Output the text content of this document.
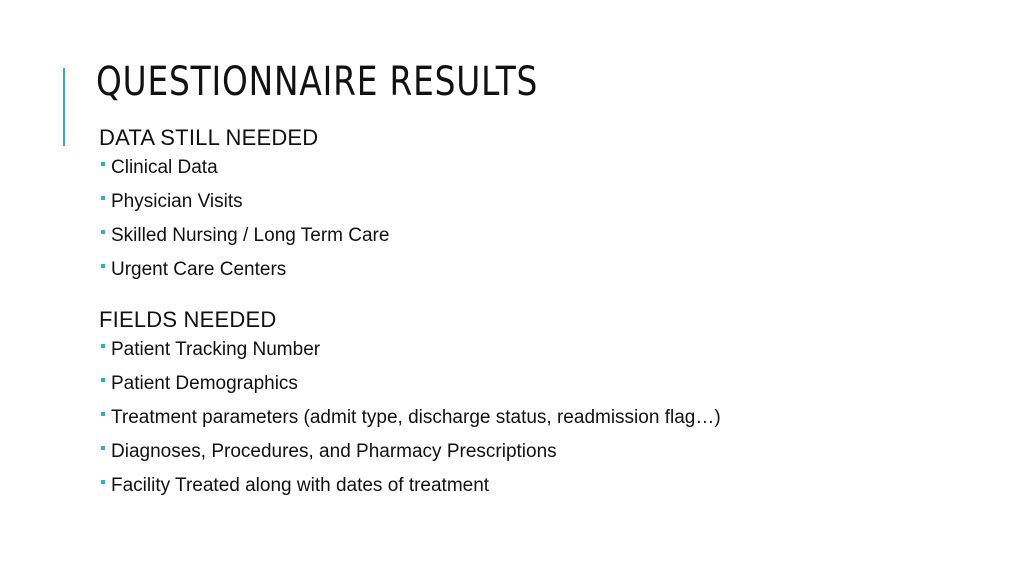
QUESTIONNAIRE RESULTS
DATA STILL NEEDED
Clinical Data
Physician Visits
Skilled Nursing / Long Term Care
Urgent Care Centers
FIELDS NEEDED
Patient Tracking Number
Patient Demographics
Treatment parameters (admit type, discharge status, readmission flag…)
Diagnoses, Procedures, and Pharmacy Prescriptions
Facility Treated along with dates of treatment
